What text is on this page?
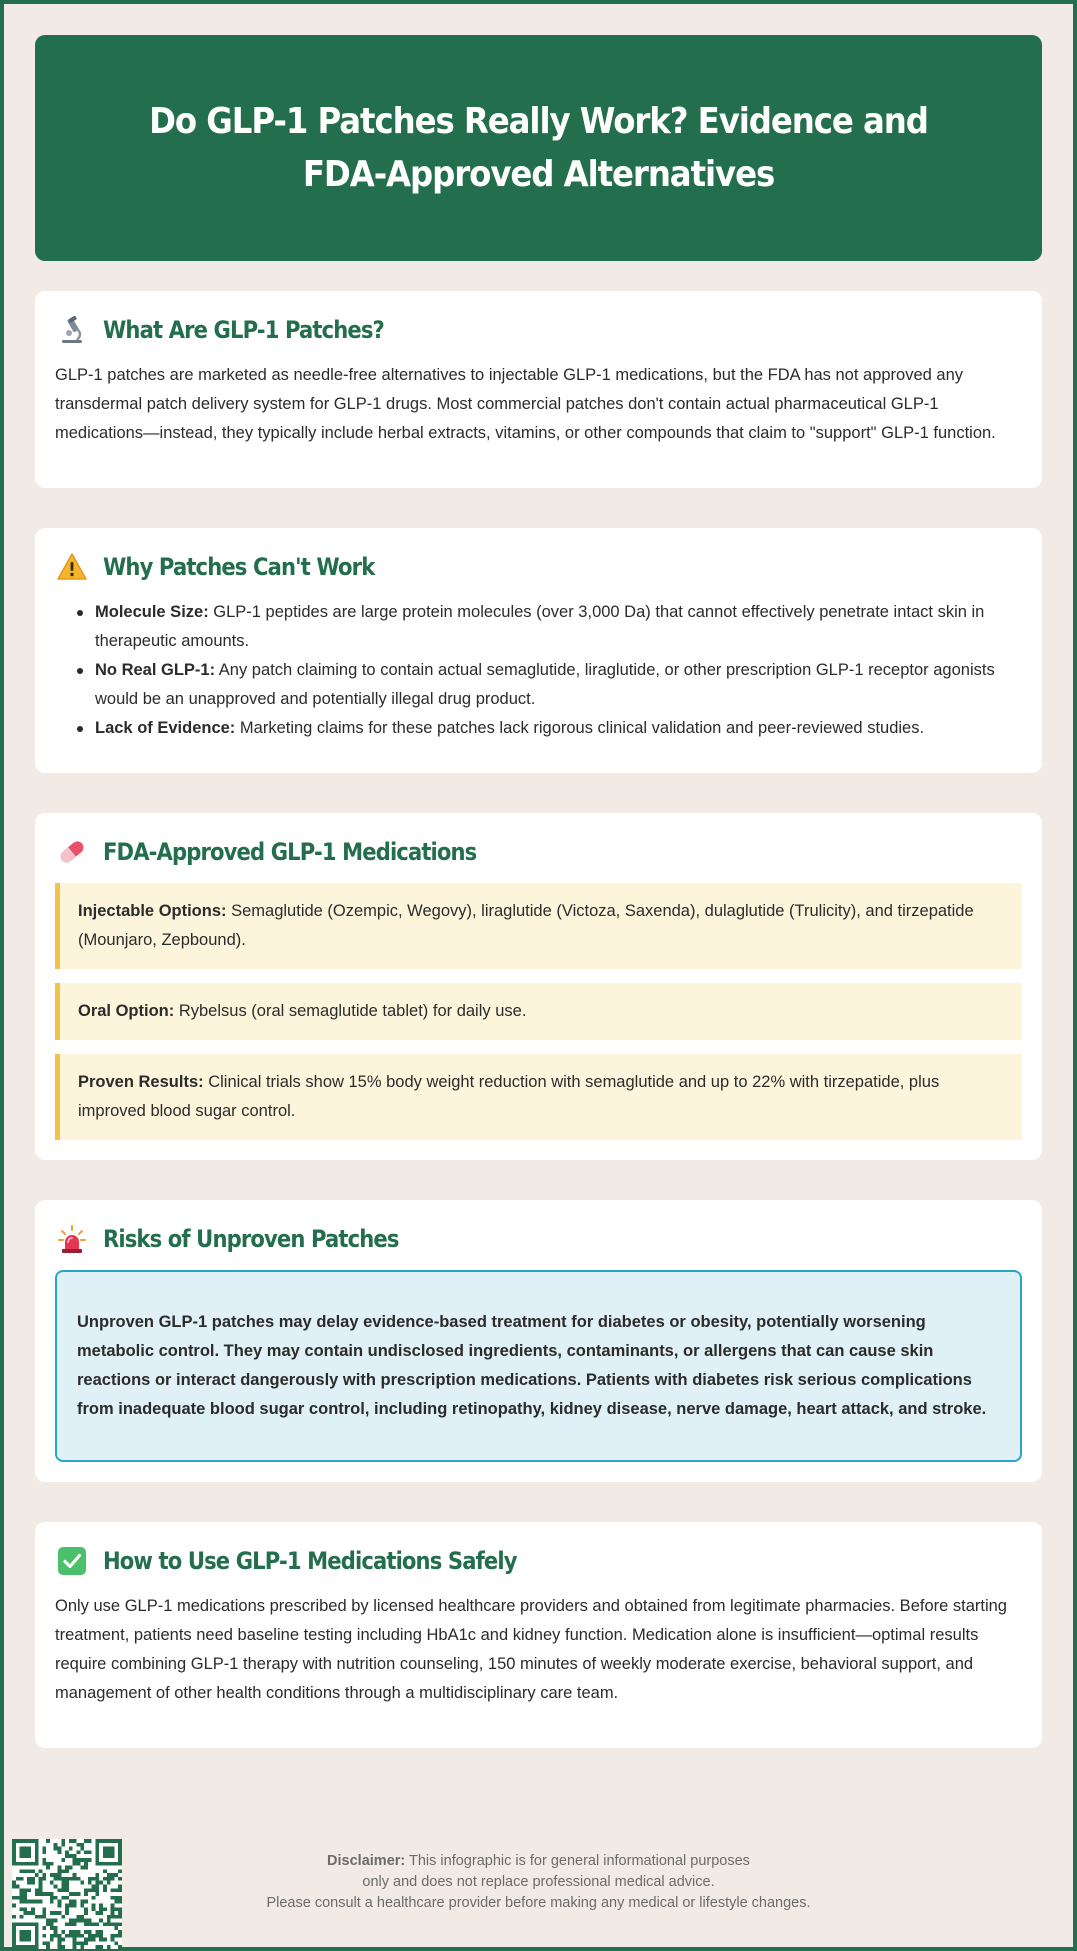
Do GLP-1 Patches Really Work? Evidence and FDA-Approved Alternatives
What Are GLP-1 Patches?

GLP-1 patches are marketed as needle-free alternatives to injectable GLP-1 medications, but the FDA has not approved any transdermal patch delivery system for GLP-1 drugs. Most commercial patches don't contain actual pharmaceutical GLP-1 medications—instead, they typically include herbal extracts, vitamins, or other compounds that claim to "support" GLP-1 function.

Why Patches Can't Work
Molecule Size: GLP-1 peptides are large protein molecules (over 3,000 Da) that cannot effectively penetrate intact skin in therapeutic amounts.
No Real GLP-1: Any patch claiming to contain actual semaglutide, liraglutide, or other prescription GLP-1 receptor agonists would be an unapproved and potentially illegal drug product.
Lack of Evidence: Marketing claims for these patches lack rigorous clinical validation and peer-reviewed studies.
FDA-Approved GLP-1 Medications
Injectable Options: Semaglutide (Ozempic, Wegovy), liraglutide (Victoza, Saxenda), dulaglutide (Trulicity), and tirzepatide (Mounjaro, Zepbound).
Oral Option: Rybelsus (oral semaglutide tablet) for daily use.
Proven Results: Clinical trials show 15% body weight reduction with semaglutide and up to 22% with tirzepatide, plus improved blood sugar control.
Risks of Unproven Patches
Unproven GLP-1 patches may delay evidence-based treatment for diabetes or obesity, potentially worsening metabolic control. They may contain undisclosed ingredients, contaminants, or allergens that can cause skin reactions or interact dangerously with prescription medications. Patients with diabetes risk serious complications from inadequate blood sugar control, including retinopathy, kidney disease, nerve damage, heart attack, and stroke.
How to Use GLP-1 Medications Safely

Only use GLP-1 medications prescribed by licensed healthcare providers and obtained from legitimate pharmacies. Before starting treatment, patients need baseline testing including HbA1c and kidney function. Medication alone is insufficient—optimal results require combining GLP-1 therapy with nutrition counseling, 150 minutes of weekly moderate exercise, behavioral support, and management of other health conditions through a multidisciplinary care team.

Disclaimer: This infographic is for general informational purposes
only and does not replace professional medical advice.
Please consult a healthcare provider before making any medical or lifestyle changes.
